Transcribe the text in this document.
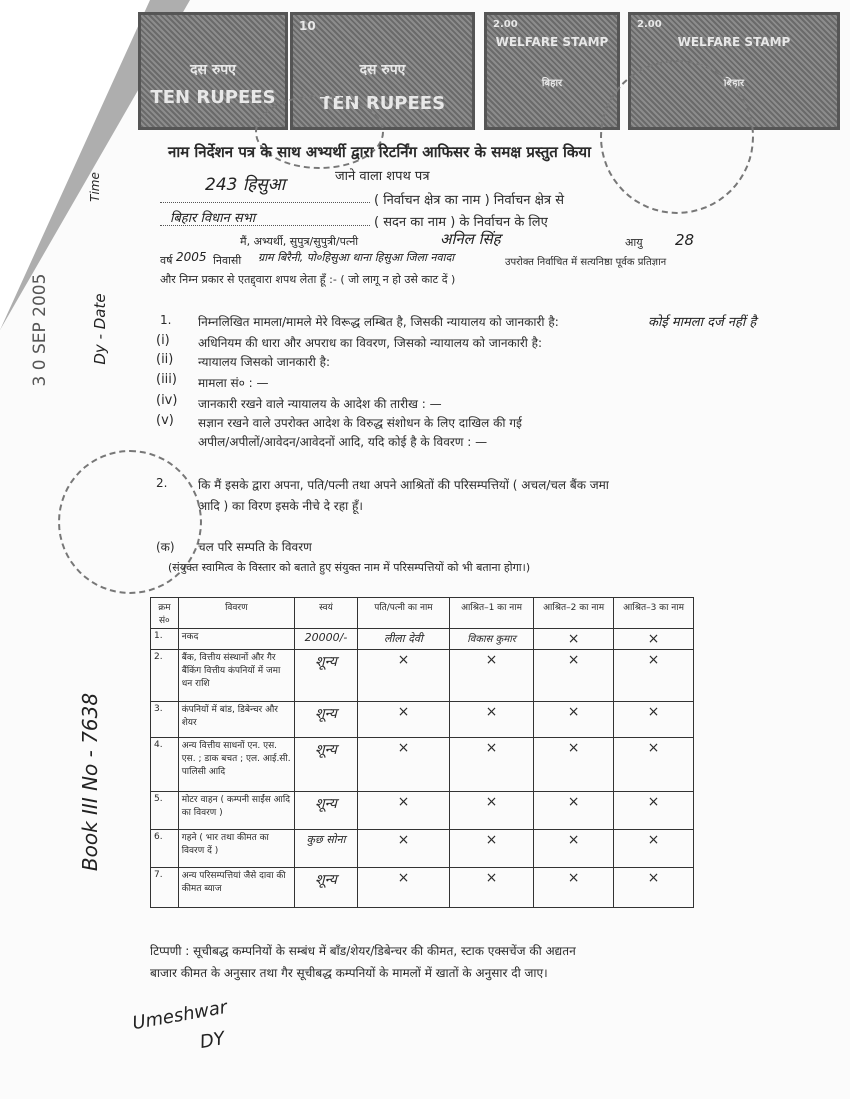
दस रुपए
TEN RUPEES
10
दस रुपए
TEN RUPEES
2.00
WELFARE STAMP
बिहार
2.00
WELFARE STAMP
बिहार
नाम निर्देशन पत्र के साथ अभ्यर्थी द्वारा रिटर्निंग आफिसर के समक्ष प्रस्तुत किया
जाने वाला शपथ पत्र
243 हिसुआ
( निर्वाचन क्षेत्र का नाम ) निर्वाचन क्षेत्र से
बिहार विधान सभा	( सदन का नाम ) के निर्वाचन के लिए
मैं, अभ्यर्थी, सुपुत्र/सुपुत्री/पत्नी	अनिल सिंह	आयु 28
वर्ष 2005 निवासी ग्राम बिरैनी, पो०हिसुआ थाना हिसुआ जिला नवादा	उपरोक्त निर्वाचित में सत्यनिष्ठा पूर्वक प्रतिज्ञान
और निम्न प्रकार से एतद्द्वारा शपथ लेता हूँ :- ( जो लागू न हो उसे काट दें )
1. निम्नलिखित मामला/मामले मेरे विरूद्ध लम्बित है, जिसकी न्यायालय को जानकारी है:	कोई मामला दर्ज नहीं है
(i) अधिनियम की धारा और अपराध का विवरण, जिसको न्यायालय को जानकारी है:
(ii) न्यायालय जिसको जानकारी है:
(iii) मामला सं० : —
(iv) जानकारी रखने वाले न्यायालय के आदेश की तारीख : —
(v) सज्ञान रखने वाले उपरोक्त आदेश के विरुद्ध संशोधन के लिए दाखिल की गई
अपील/अपीलों/आवेदन/आवेदनों आदि, यदि कोई है के विवरण : —
2.	कि मैं इसके द्वारा अपना, पति/पत्नी तथा अपने आश्रितों की परिसम्पत्तियों ( अचल/चल बैंक जमा
आदि ) का विरण इसके नीचे दे रहा हूँ।
(क) चल परि सम्पति के विवरण
(संयुक्त स्वामित्व के विस्तार को बताते हुए संयुक्त नाम में परिसम्पत्तियों को भी बताना होगा।)
क्रम सं०	विवरण	स्वयं	पति/पत्नी का नाम	आश्रित–1 का नाम	आश्रित–2 का नाम	आश्रित–3 का नाम
1.	नकद	20000/-	लीला देवी	विकास कुमार	×	×
2.	बैंक, वित्तीय संस्थानों और गैर बैंकिंग वित्तीय कंपनियों में जमा धन राशि	शून्य	×	×	×	×
3.	कंपनियों में बांड, डिबेन्चर और शेयर	शून्य	×	×	×	×
4.	अन्य वित्तीय साधनों एन. एस. एस. ; डाक बचत ; एल. आई.सी. पालिसी आदि	शून्य	×	×	×	×
5.	मोटर वाहन ( कम्पनी साईंस आदि का विवरण )	शून्य	×	×	×	×
6.	गहने ( भार तथा कीमत का विवरण दें )	कुछ सोना	×	×	×	×
7.	अन्य परिसम्पत्तियां जैसे दावा की कीमत ब्याज	शून्य	×	×	×	×
टिप्पणी : सूचीबद्ध कम्पनियों के सम्बंध में बाँड/शेयर/डिबेन्चर की कीमत, स्टाक एक्सचेंज की अद्यतन
बाजार कीमत के अनुसार तथा गैर सूचीबद्ध कम्पनियों के मामलों में खातों के अनुसार दी जाए।
3 0 SEP 2005	Dy - Date
Time
Book III No - 7638
Umeshwar
DY
